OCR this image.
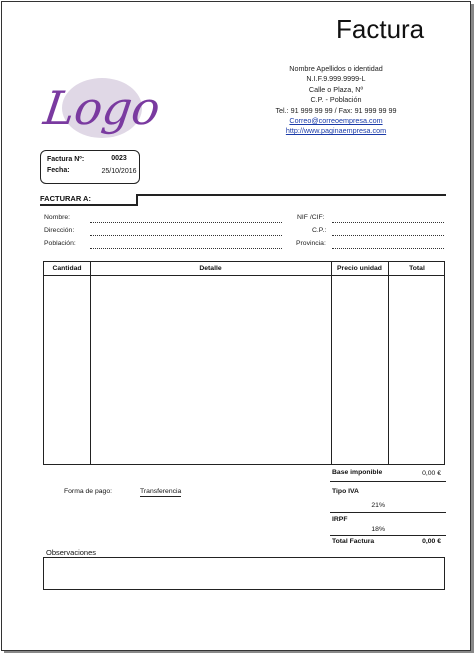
Factura
Logo
Nombre Apellidos o identidad
N.I.F.9.999.9999-L
Calle o Plaza, Nº
C.P. - Población
Tel.: 91 999 99 99 / Fax: 91 999 99 99
Correo@correoempresa.com
http://www.paginaempresa.com
Factura Nº:	0023
Fecha:	25/10/2016
FACTURAR A:
Nombre:
Dirección:
Población:
NIF /CIF:
C.P.:
Provincia:
Cantidad	Detalle	Precio unidad	Total
Base imponible	0,00 €
Tipo IVA
21%
IRPF
18%
Total Factura	0,00 €
Forma de pago:	Transferencia
Observaciones
